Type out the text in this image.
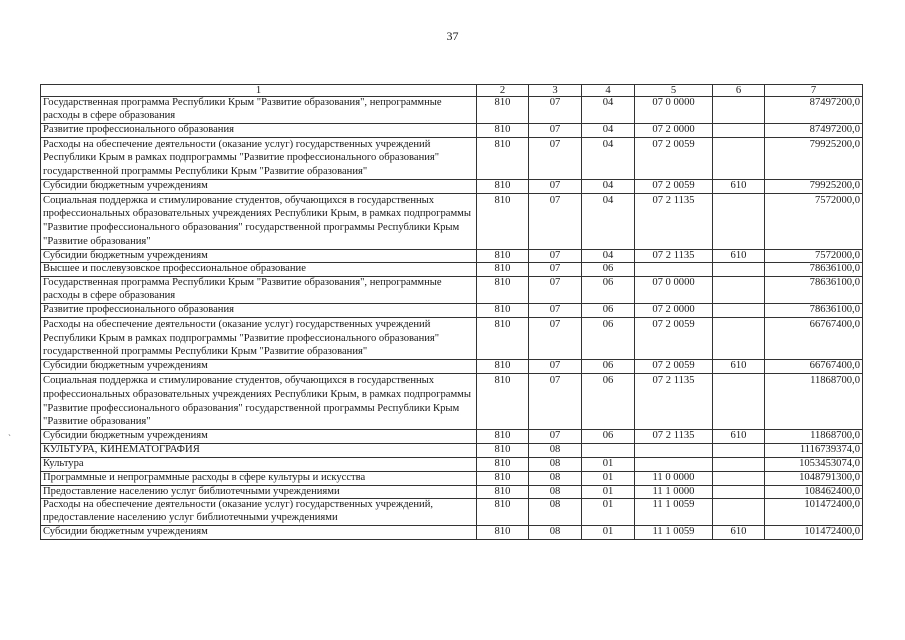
37
ˋ
1	2	3	4	5	6	7
Государственная программа Республики Крым "Развитие образования", непрограммные расходы в сфере образования	810	07	04	07 0 0000		87497200,0
Развитие профессионального образования	810	07	04	07 2 0000		87497200,0
Расходы на обеспечение деятельности (оказание услуг) государственных учреждений Республики Крым в рамках подпрограммы "Развитие профессионального образования" государственной программы Республики Крым "Развитие образования"	810	07	04	07 2 0059		79925200,0
Субсидии бюджетным учреждениям	810	07	04	07 2 0059	610	79925200,0
Социальная поддержка и стимулирование студентов, обучающихся в государственных профессиональных образовательных учреждениях Республики Крым, в рамках подпрограммы "Развитие профессионального образования" государственной программы Республики Крым "Развитие образования"	810	07	04	07 2 1135		7572000,0
Субсидии бюджетным учреждениям	810	07	04	07 2 1135	610	7572000,0
Высшее и послевузовское профессиональное образование	810	07	06			78636100,0
Государственная программа Республики Крым "Развитие образования", непрограммные расходы в сфере образования	810	07	06	07 0 0000		78636100,0
Развитие профессионального образования	810	07	06	07 2 0000		78636100,0
Расходы на обеспечение деятельности (оказание услуг) государственных учреждений Республики Крым в рамках подпрограммы "Развитие профессионального образования" государственной программы Республики Крым "Развитие образования"	810	07	06	07 2 0059		66767400,0
Субсидии бюджетным учреждениям	810	07	06	07 2 0059	610	66767400,0
Социальная поддержка и стимулирование студентов, обучающихся в государственных профессиональных образовательных учреждениях Республики Крым, в рамках подпрограммы "Развитие профессионального образования" государственной программы Республики Крым "Развитие образования"	810	07	06	07 2 1135		11868700,0
Субсидии бюджетным учреждениям	810	07	06	07 2 1135	610	11868700,0
КУЛЬТУРА, КИНЕМАТОГРАФИЯ	810	08				1116739374,0
Культура	810	08	01			1053453074,0
Программные и непрограммные расходы в сфере культуры и искусства	810	08	01	11 0 0000		1048791300,0
Предоставление населению услуг библиотечными учреждениями	810	08	01	11 1 0000		108462400,0
Расходы на обеспечение деятельности (оказание услуг) государственных учреждений, предоставление населению услуг библиотечными учреждениями	810	08	01	11 1 0059		101472400,0
Субсидии бюджетным учреждениям	810	08	01	11 1 0059	610	101472400,0
